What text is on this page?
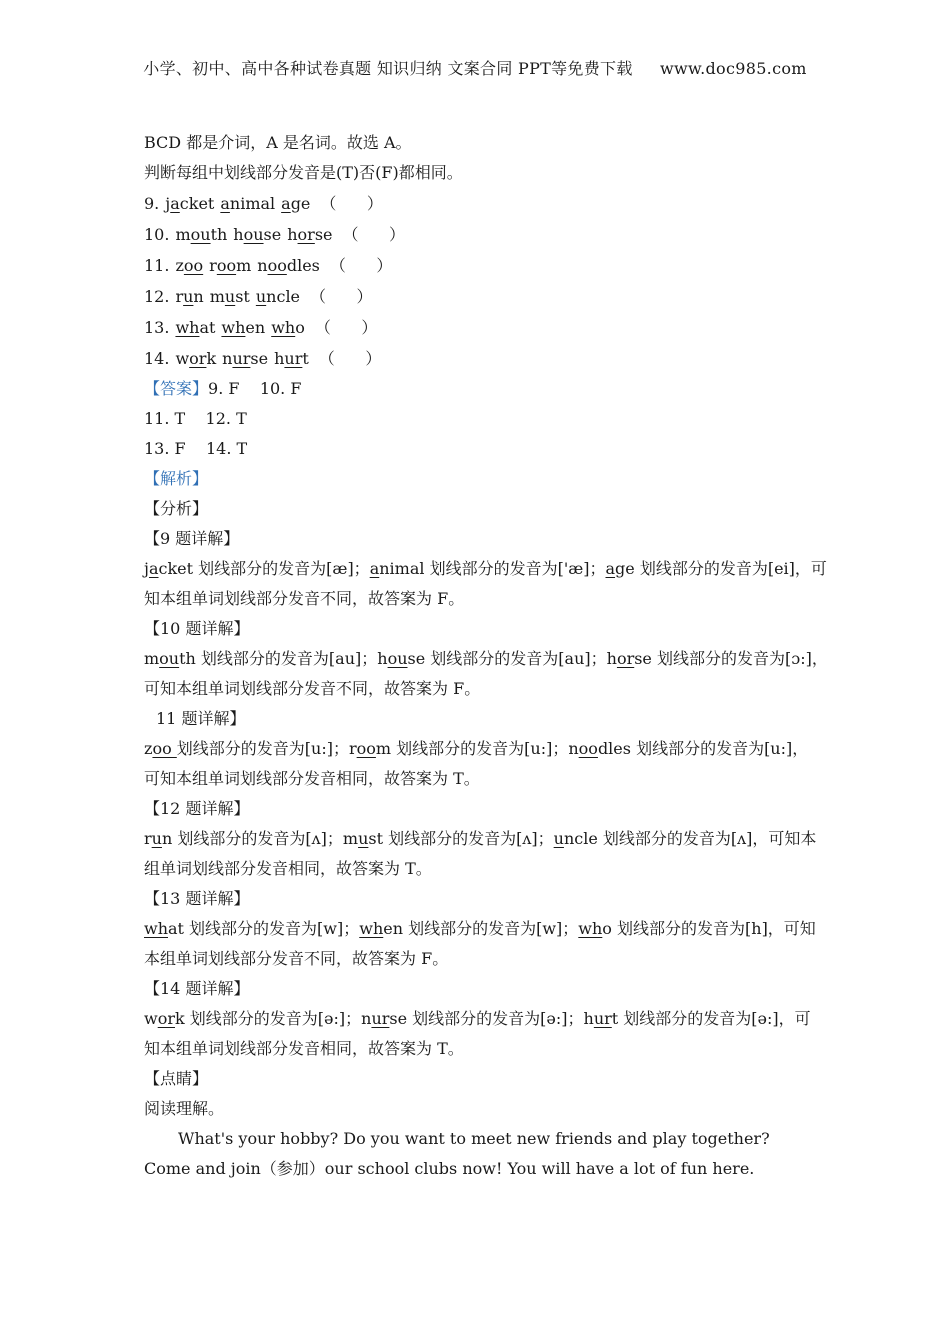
小学、初中、高中各种试卷真题 知识归纳 文案合同 PPT等免费下载 www.doc985.com
BCD 都是介词，A 是名词。故选 A。
判断每组中划线部分发音是(T)否(F)都相同。
9. jacket animal age （      ）
10. mouth house horse （      ）
11. zoo room noodles （      ）
12. run must uncle （      ）
13. what when who （      ）
14. work nurse hurt （      ）
【答案】9. F    10. F
11. T    12. T
13. F    14. T
【解析】
【分析】
【9 题详解】
jacket 划线部分的发音为[æ]；animal 划线部分的发音为['æ]；age 划线部分的发音为[ei]，可
知本组单词划线部分发音不同，故答案为 F。
【10 题详解】
mouth 划线部分的发音为[au]；house 划线部分的发音为[au]；horse 划线部分的发音为[ɔ:]，
可知本组单词划线部分发音不同，故答案为 F。
11 题详解】
zoo 划线部分的发音为[u:]；room 划线部分的发音为[u:]；noodles 划线部分的发音为[u:]，
可知本组单词划线部分发音相同，故答案为 T。
【12 题详解】
run 划线部分的发音为[ʌ]；must 划线部分的发音为[ʌ]；uncle 划线部分的发音为[ʌ]，可知本
组单词划线部分发音相同，故答案为 T。
【13 题详解】
what 划线部分的发音为[w]；when 划线部分的发音为[w]；who 划线部分的发音为[h]，可知
本组单词划线部分发音不同，故答案为 F。
【14 题详解】
work 划线部分的发音为[ə:]；nurse 划线部分的发音为[ə:]；hurt 划线部分的发音为[ə:]，可
知本组单词划线部分发音相同，故答案为 T。
【点睛】
阅读理解。

What's your hobby? Do you want to meet new friends and play together? Come and join（参加）our school clubs now! You will have a lot of fun here.
